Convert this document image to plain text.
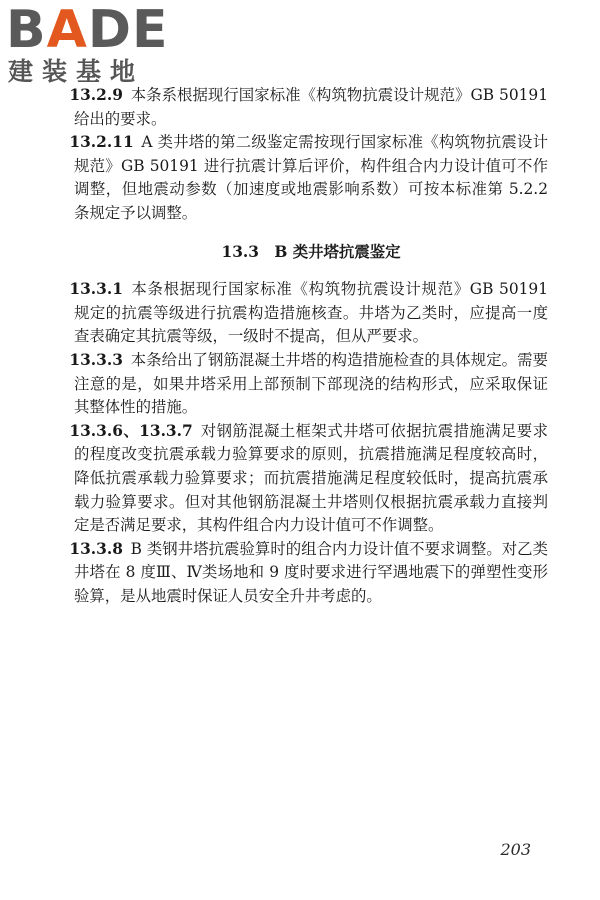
BADE
建装基地

13.2.9 本条系根据现行国家标准《构筑物抗震设计规范》GB 50191 给出的要求。

13.2.11 A 类井塔的第二级鉴定需按现行国家标准《构筑物抗震设计规范》GB 50191 进行抗震计算后评价，构件组合内力设计值可不作调整，但地震动参数（加速度或地震影响系数）可按本标准第 5.2.2 条规定予以调整。

13.3 B 类井塔抗震鉴定

13.3.1 本条根据现行国家标准《构筑物抗震设计规范》GB 50191 规定的抗震等级进行抗震构造措施核查。井塔为乙类时，应提高一度查表确定其抗震等级，一级时不提高，但从严要求。

13.3.3 本条给出了钢筋混凝土井塔的构造措施检查的具体规定。需要注意的是，如果井塔采用上部预制下部现浇的结构形式，应采取保证其整体性的措施。

13.3.6、13.3.7 对钢筋混凝土框架式井塔可依据抗震措施满足要求的程度改变抗震承载力验算要求的原则，抗震措施满足程度较高时，降低抗震承载力验算要求；而抗震措施满足程度较低时，提高抗震承载力验算要求。但对其他钢筋混凝土井塔则仅根据抗震承载力直接判定是否满足要求，其构件组合内力设计值可不作调整。

13.3.8 B 类钢井塔抗震验算时的组合内力设计值不要求调整。对乙类井塔在 8 度Ⅲ、Ⅳ类场地和 9 度时要求进行罕遇地震下的弹塑性变形验算，是从地震时保证人员安全升井考虑的。

203
